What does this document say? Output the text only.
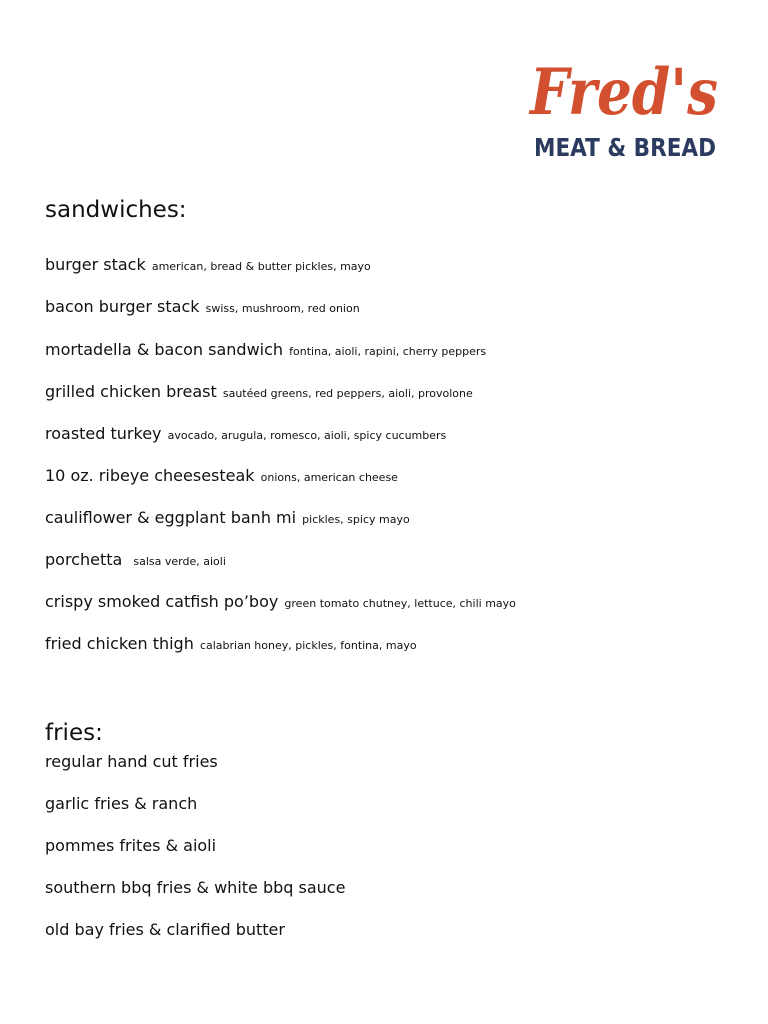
Fred's
MEAT & BREAD
sandwiches:
burger stack american, bread & butter pickles, mayo
bacon burger stack swiss, mushroom, red onion
mortadella & bacon sandwich fontina, aioli, rapini, cherry peppers
grilled chicken breast sautéed greens, red peppers, aioli, provolone
roasted turkey avocado, arugula, romesco, aioli, spicy cucumbers
10 oz. ribeye cheesesteak onions, american cheese
cauliflower & eggplant banh mi pickles, spicy mayo
porchetta salsa verde, aioli
crispy smoked catfish po’boy green tomato chutney, lettuce, chili mayo
fried chicken thigh calabrian honey, pickles, fontina, mayo
fries:
regular hand cut fries
garlic fries & ranch
pommes frites & aioli
southern bbq fries & white bbq sauce
old bay fries & clarified butter
